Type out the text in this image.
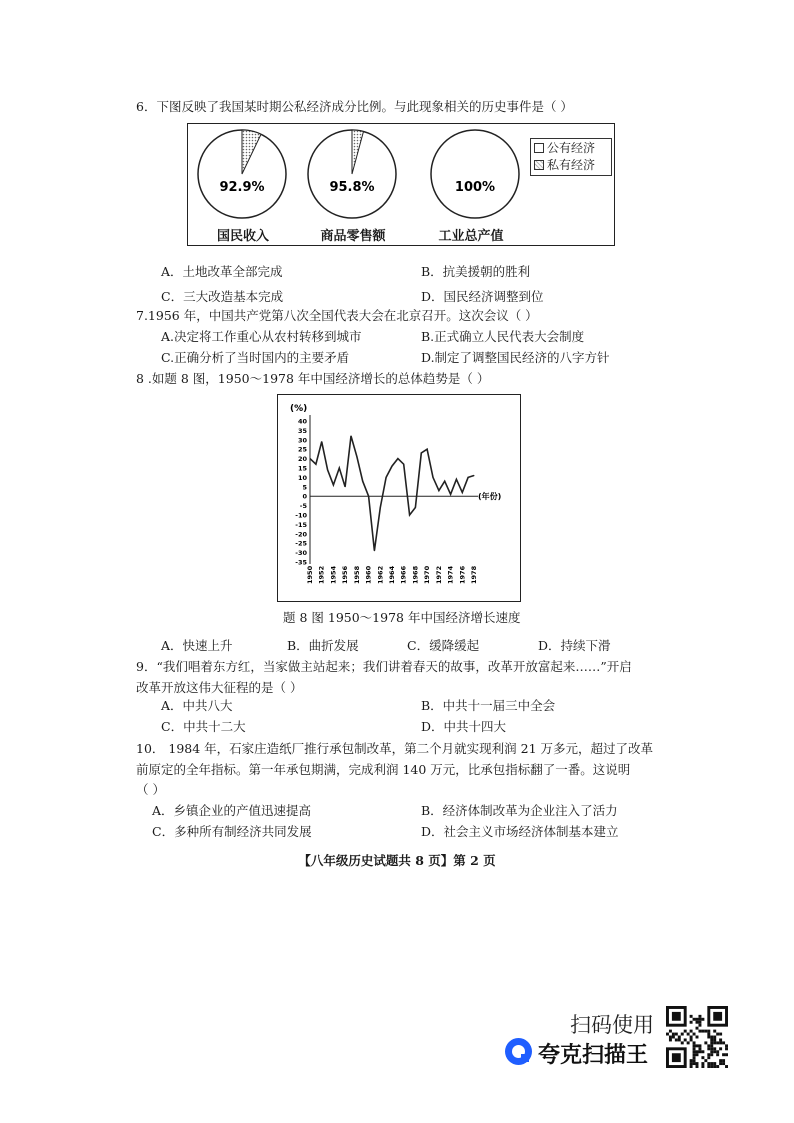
6．下图反映了我国某时期公私经济成分比例。与此现象相关的历史事件是（ ）
92.9%	95.8%	100%
国民收入	商品零售额	工业总产值
公有经济
私有经济
A．土地改革全部完成	B．抗美援朝的胜利
C．三大改造基本完成	D．国民经济调整到位
7.1956 年，中国共产党第八次全国代表大会在北京召开。这次会议（ ）
A.决定将工作重心从农村转移到城市	B.正式确立人民代表大会制度
C.正确分析了当时国内的主要矛盾	D.制定了调整国民经济的八字方针
8 .如题 8 图，1950～1978 年中国经济增长的总体趋势是（ ）
(%)
40
35
30
25
20
15
10
5
0
-5
-10
-15
-20
-25
-30
-35
1950 1952 1954 1956 1958 1960 1962 1964 1966 1968 1970 1972 1974 1976 1978
(年份)
题 8 图 1950～1978 年中国经济增长速度
A．快速上升	B．曲折发展	C．缓降缓起	D．持续下滑
9．“我们唱着东方红，当家做主站起来；我们讲着春天的故事，改革开放富起来……”开启
改革开放这伟大征程的是（ ）
A．中共八大	B．中共十一届三中全会
C．中共十二大	D．中共十四大
10． 1984 年，石家庄造纸厂推行承包制改革，第二个月就实现利润 21 万多元，超过了改革
前原定的全年指标。第一年承包期满，完成利润 140 万元，比承包指标翻了一番。这说明
（ ）
A．乡镇企业的产值迅速提高	B．经济体制改革为企业注入了活力
C．多种所有制经济共同发展	D．社会主义市场经济体制基本建立
【八年级历史试题共 8 页】第 2 页
扫码使用
夸克扫描王
